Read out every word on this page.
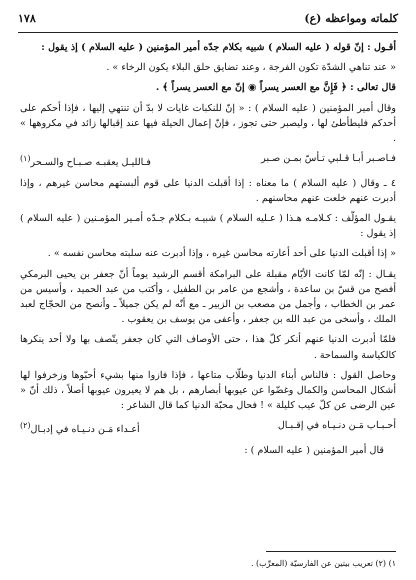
كلماته ومواعظه (ع)
١٧٨

أقـول : إنّ قوله ( عليه السلام ) شبيه بكلام جدّه أمير المؤمنين ( عليه السلام ) إذ يقول :

« عند تناهي الشدّة تكون الفرجة ، وعند تضايق حلق البلاء يكون الرخاء » .

قال تعالى : ﴿ فَإِنَّ مع العسر يسراً ◉ إنّ مع العسر يسراً ﴾ .

وقال أمير المؤمنين ( عليه السلام ) : « إنّ للنكبات غايات لا بدّ أن تنتهي إليها ، فإذا أحكم على أحدكم فليطأطئ لها ، وليصبر حتى تجوز ، فإنّ إعمال الحيلة فيها عند إقبالها زائد في مكروهها » .

فـاصـبر أبـا قـلبي تـأسّ بمـن صـبر
فـالليـل يعقبـه صـبـاح والسـحر$^{(١)}$

٤ ـ وقال ( عليه السلام ) ما معناه : إذا أقبلت الدنيا على قوم ألبستهم محاسن غيرهم ، وإذا أدبرت عنهم خلعت عنهم محاسنهم .

يقـول المؤلّف : كـلامـه هـذا ( عـليه السلام ) شبيـه بـكلام جـدّه أمـير المؤمـنين ( عليه السلام ) إذ يقول :

« إذا أقبلت الدنيا على أحد أعارته محاسن غيره ، وإذا أدبرت عنه سلبته محاسن نفسه » .

يقـال : إنّه لمّا كانت الأيّام مقبلة على البرامكة أقسم الرشيد يوماً أنّ جعفر بن يحيى البرمكي أفصح من قسّ بن ساعدة ، وأشجع من عامر بن الطفيل ، وأكتب من عبد الحميد ، وأسيس من عمر بن الخطاب ، وأجمل من مصعب بن الزبير ـ مع أنّه لم يكن جميلاً ـ وأنصح من الحجّاج لعبد الملك ، وأسخى من عبد الله بن جعفر ، وأعفى من يوسف بن يعقوب .

فلمّا أدبرت الدنيا عنهم أنكر كلّ هذا ، حتى الأوصاف التي كان جعفر يتّصف بها ولا أحد ينكرها كالكياسة والسماحة .

وحاصل القول : فالناس أبناء الدنيا وطلّاب متاعها ، فإذا فازوا منها بشيء أحبّوها وزخرفوا لها أشكال المحاسن والكمال وغضّوا عن عيوبها أبصارهم ، بل هم لا يعيرون عيوبها أصلاً ، ذلك أنّ « عين الرضى عن كلّ عيب كليلة » ! فحال محبّة الدنيا كما قال الشاعر :

أحـبـاب مَـن دنـيـاه في إقـبـال
أعـداء مَـن دنـيـاه في إدبـال$^{(٢)}$

قال أمير المؤمنين ( عليه السلام ) :

١) (٢) تعريب بيتين عن الفارسيّة (المعرِّب) .
